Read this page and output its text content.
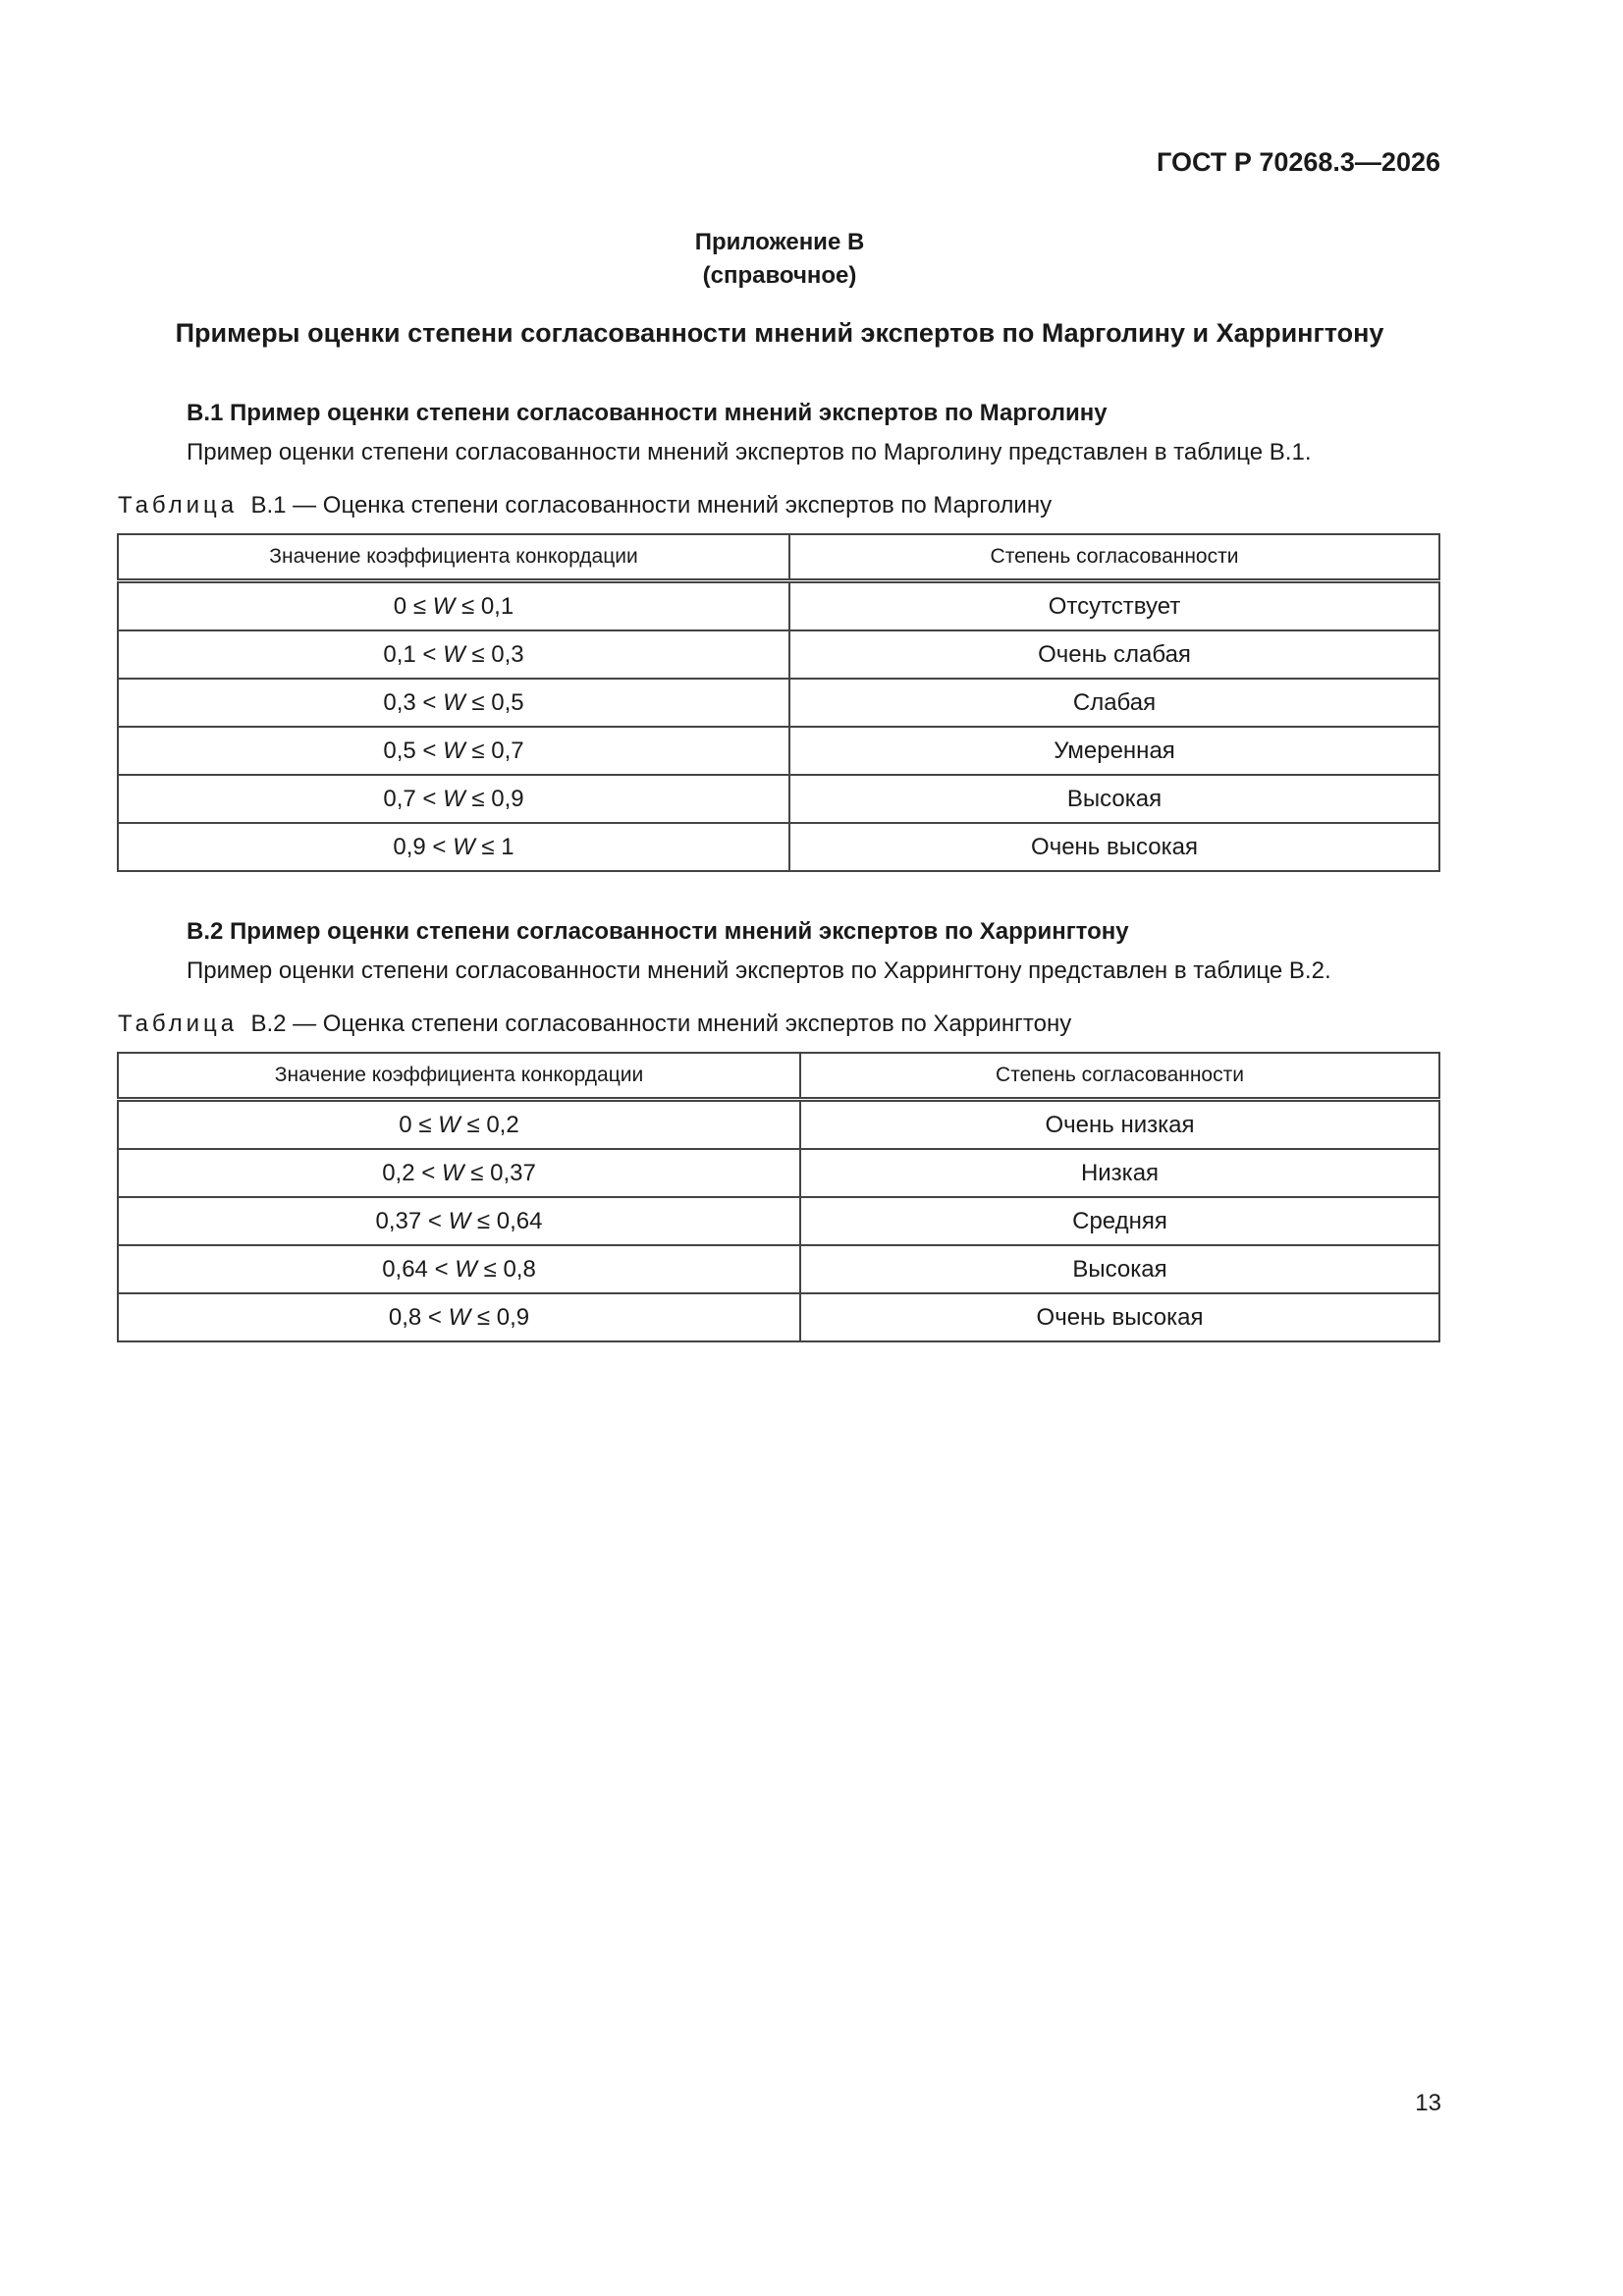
ГОСТ Р 70268.3—2026
Приложение В
(справочное)
Примеры оценки степени согласованности мнений экспертов по Марголину и Харрингтону
В.1 Пример оценки степени согласованности мнений экспертов по Марголину
Пример оценки степени согласованности мнений экспертов по Марголину представлен в таблице В.1.
Таблица  В.1 — Оценка степени согласованности мнений экспертов по Марголину
Значение коэффициента конкордации	Степень согласованности
0 ≤ W ≤ 0,1	Отсутствует
0,1 < W ≤ 0,3	Очень слабая
0,3 < W ≤ 0,5	Слабая
0,5 < W ≤ 0,7	Умеренная
0,7 < W ≤ 0,9	Высокая
0,9 < W ≤ 1	Очень высокая
В.2 Пример оценки степени согласованности мнений экспертов по Харрингтону
Пример оценки степени согласованности мнений экспертов по Харрингтону представлен в таблице В.2.
Таблица  В.2 — Оценка степени согласованности мнений экспертов по Харрингтону
Значение коэффициента конкордации	Степень согласованности
0 ≤ W ≤ 0,2	Очень низкая
0,2 < W ≤ 0,37	Низкая
0,37 < W ≤ 0,64	Средняя
0,64 < W ≤ 0,8	Высокая
0,8 < W ≤ 0,9	Очень высокая
13
